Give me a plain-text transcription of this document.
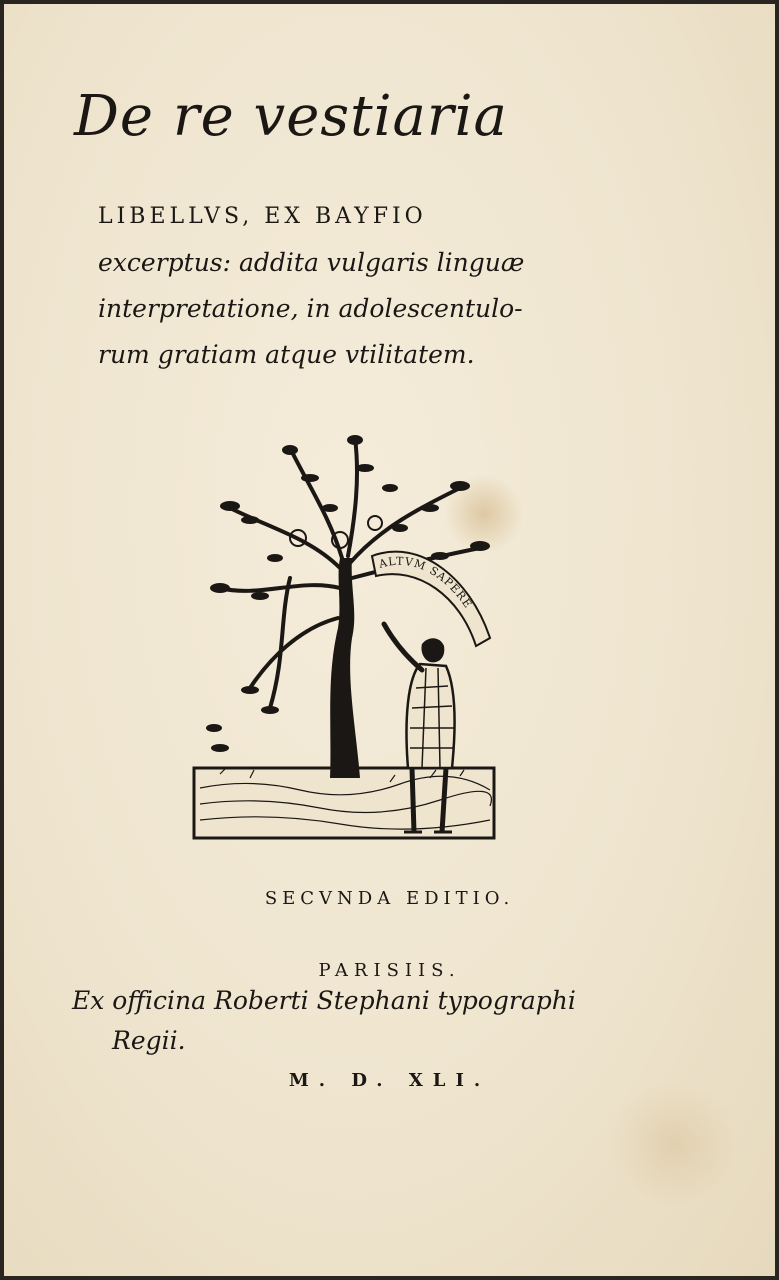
De re vestiaria
LIBELLVS, EX BAYFIO
excerptus: addita vulgaris linguæ
interpretatione, in adolescentulo-
rum gratiam atque vtilitatem.
ALTVM SAPERE
SECVNDA EDITIO.
PARISIIS.
Ex officina Roberti Stephani typographi
Regii.
M. D. XLI.
